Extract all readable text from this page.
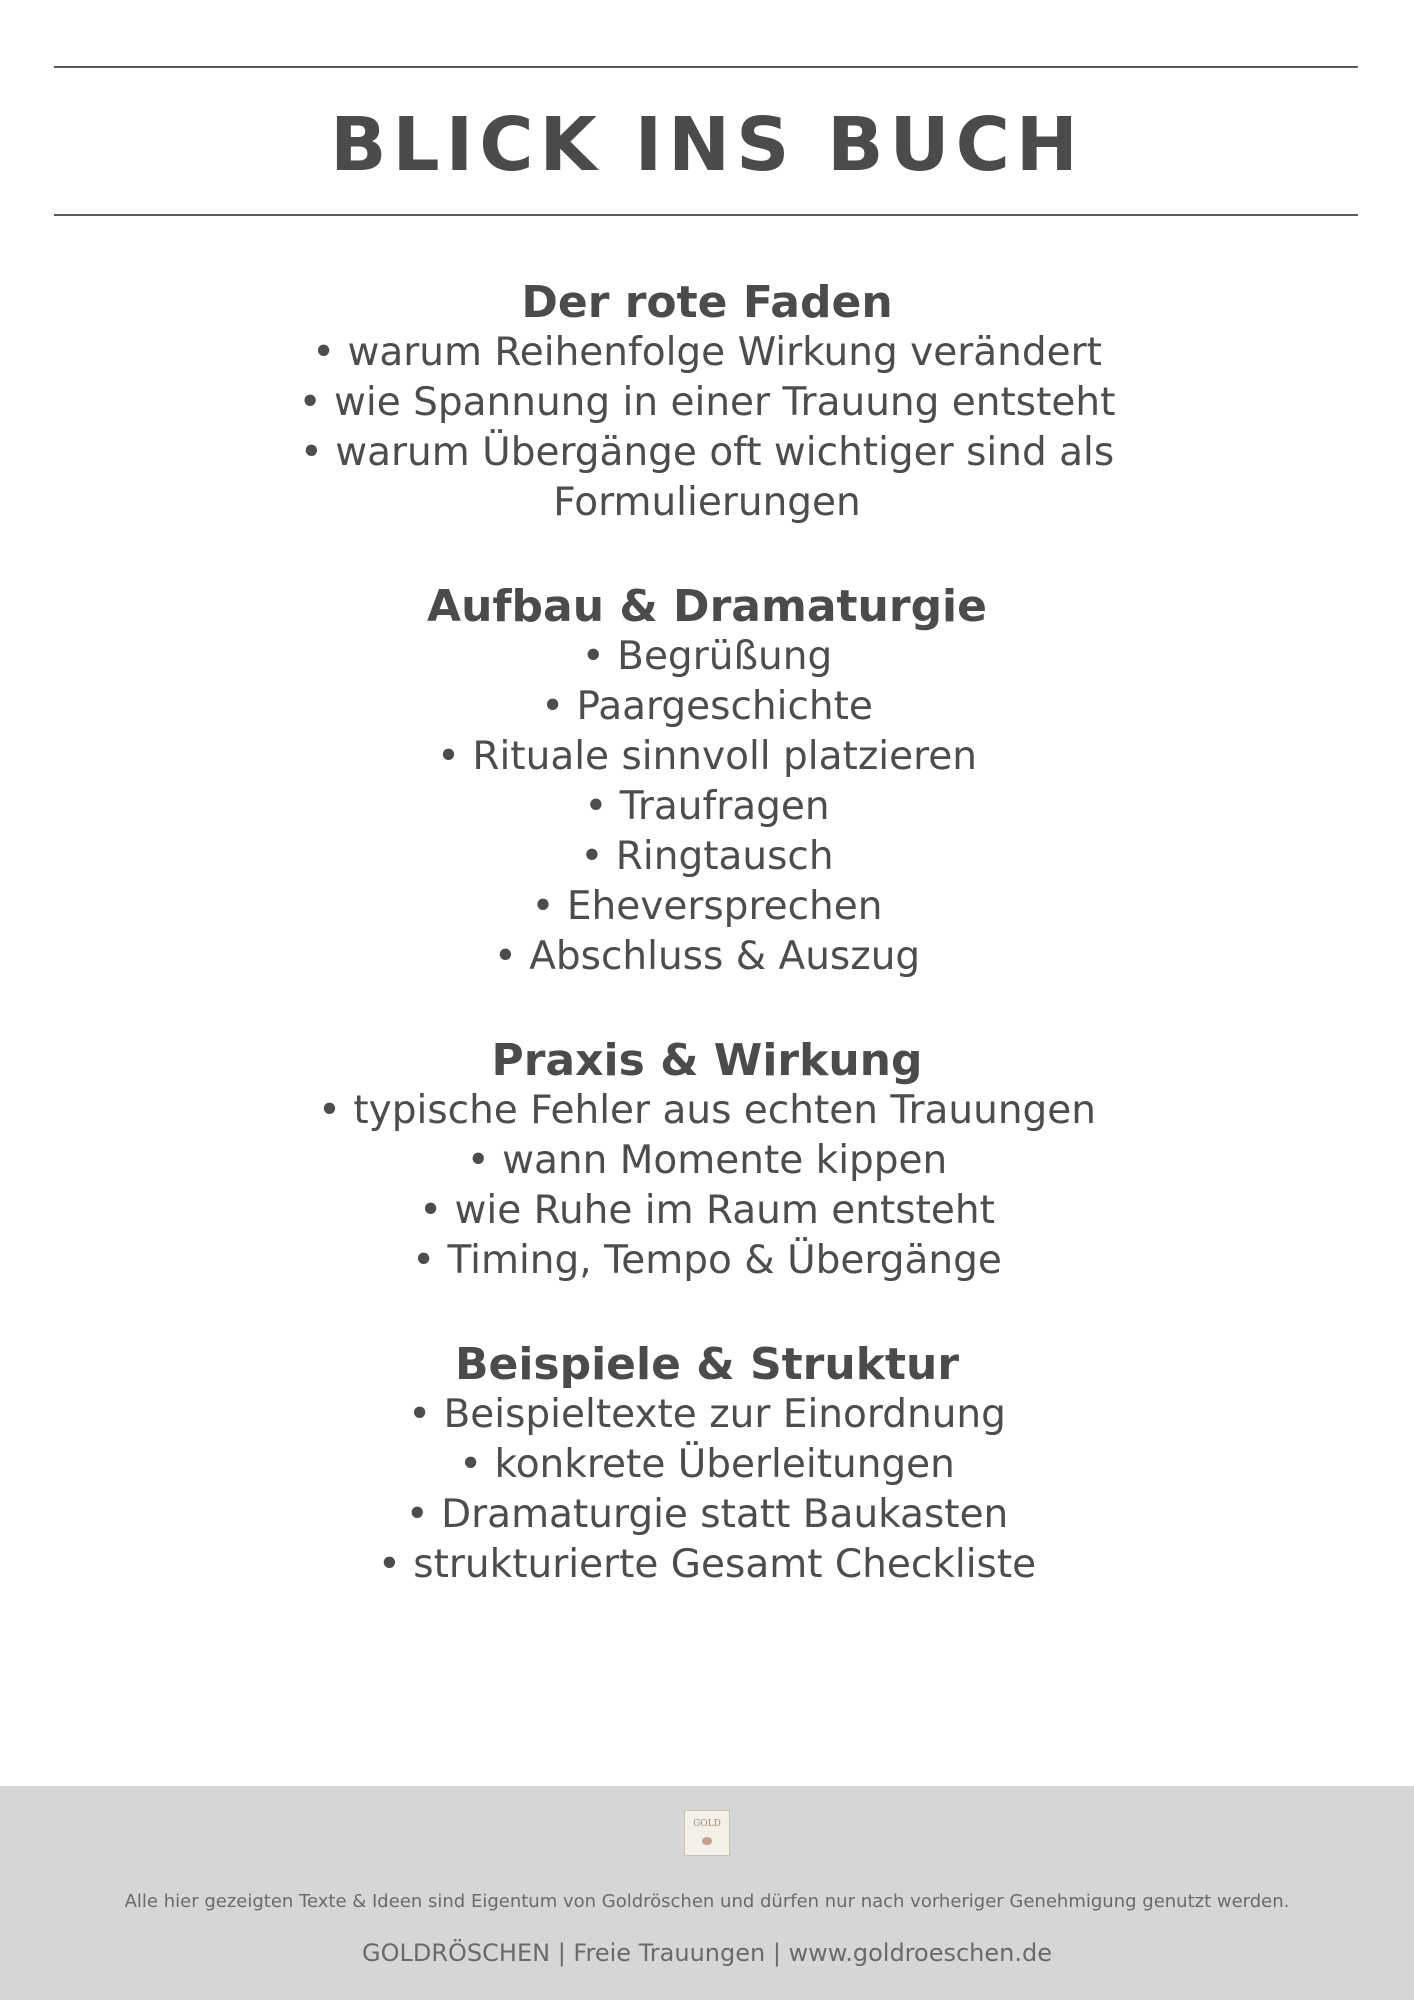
BLICK INS BUCH
Der rote Faden
• warum Reihenfolge Wirkung verändert
• wie Spannung in einer Trauung entsteht
• warum Übergänge oft wichtiger sind als Formulierungen
Aufbau & Dramaturgie
• Begrüßung
• Paargeschichte
• Rituale sinnvoll platzieren
• Traufragen
• Ringtausch
• Eheversprechen
• Abschluss & Auszug
Praxis & Wirkung
• typische Fehler aus echten Trauungen
• wann Momente kippen
• wie Ruhe im Raum entsteht
• Timing, Tempo & Übergänge
Beispiele & Struktur
• Beispieltexte zur Einordnung
• konkrete Überleitungen
• Dramaturgie statt Baukasten
• strukturierte Gesamt Checkliste
GOLD

Alle hier gezeigten Texte & Ideen sind Eigentum von Goldröschen und dürfen nur nach vorheriger Genehmigung genutzt werden.

GOLDRÖSCHEN | Freie Trauungen | www.goldroeschen.de
